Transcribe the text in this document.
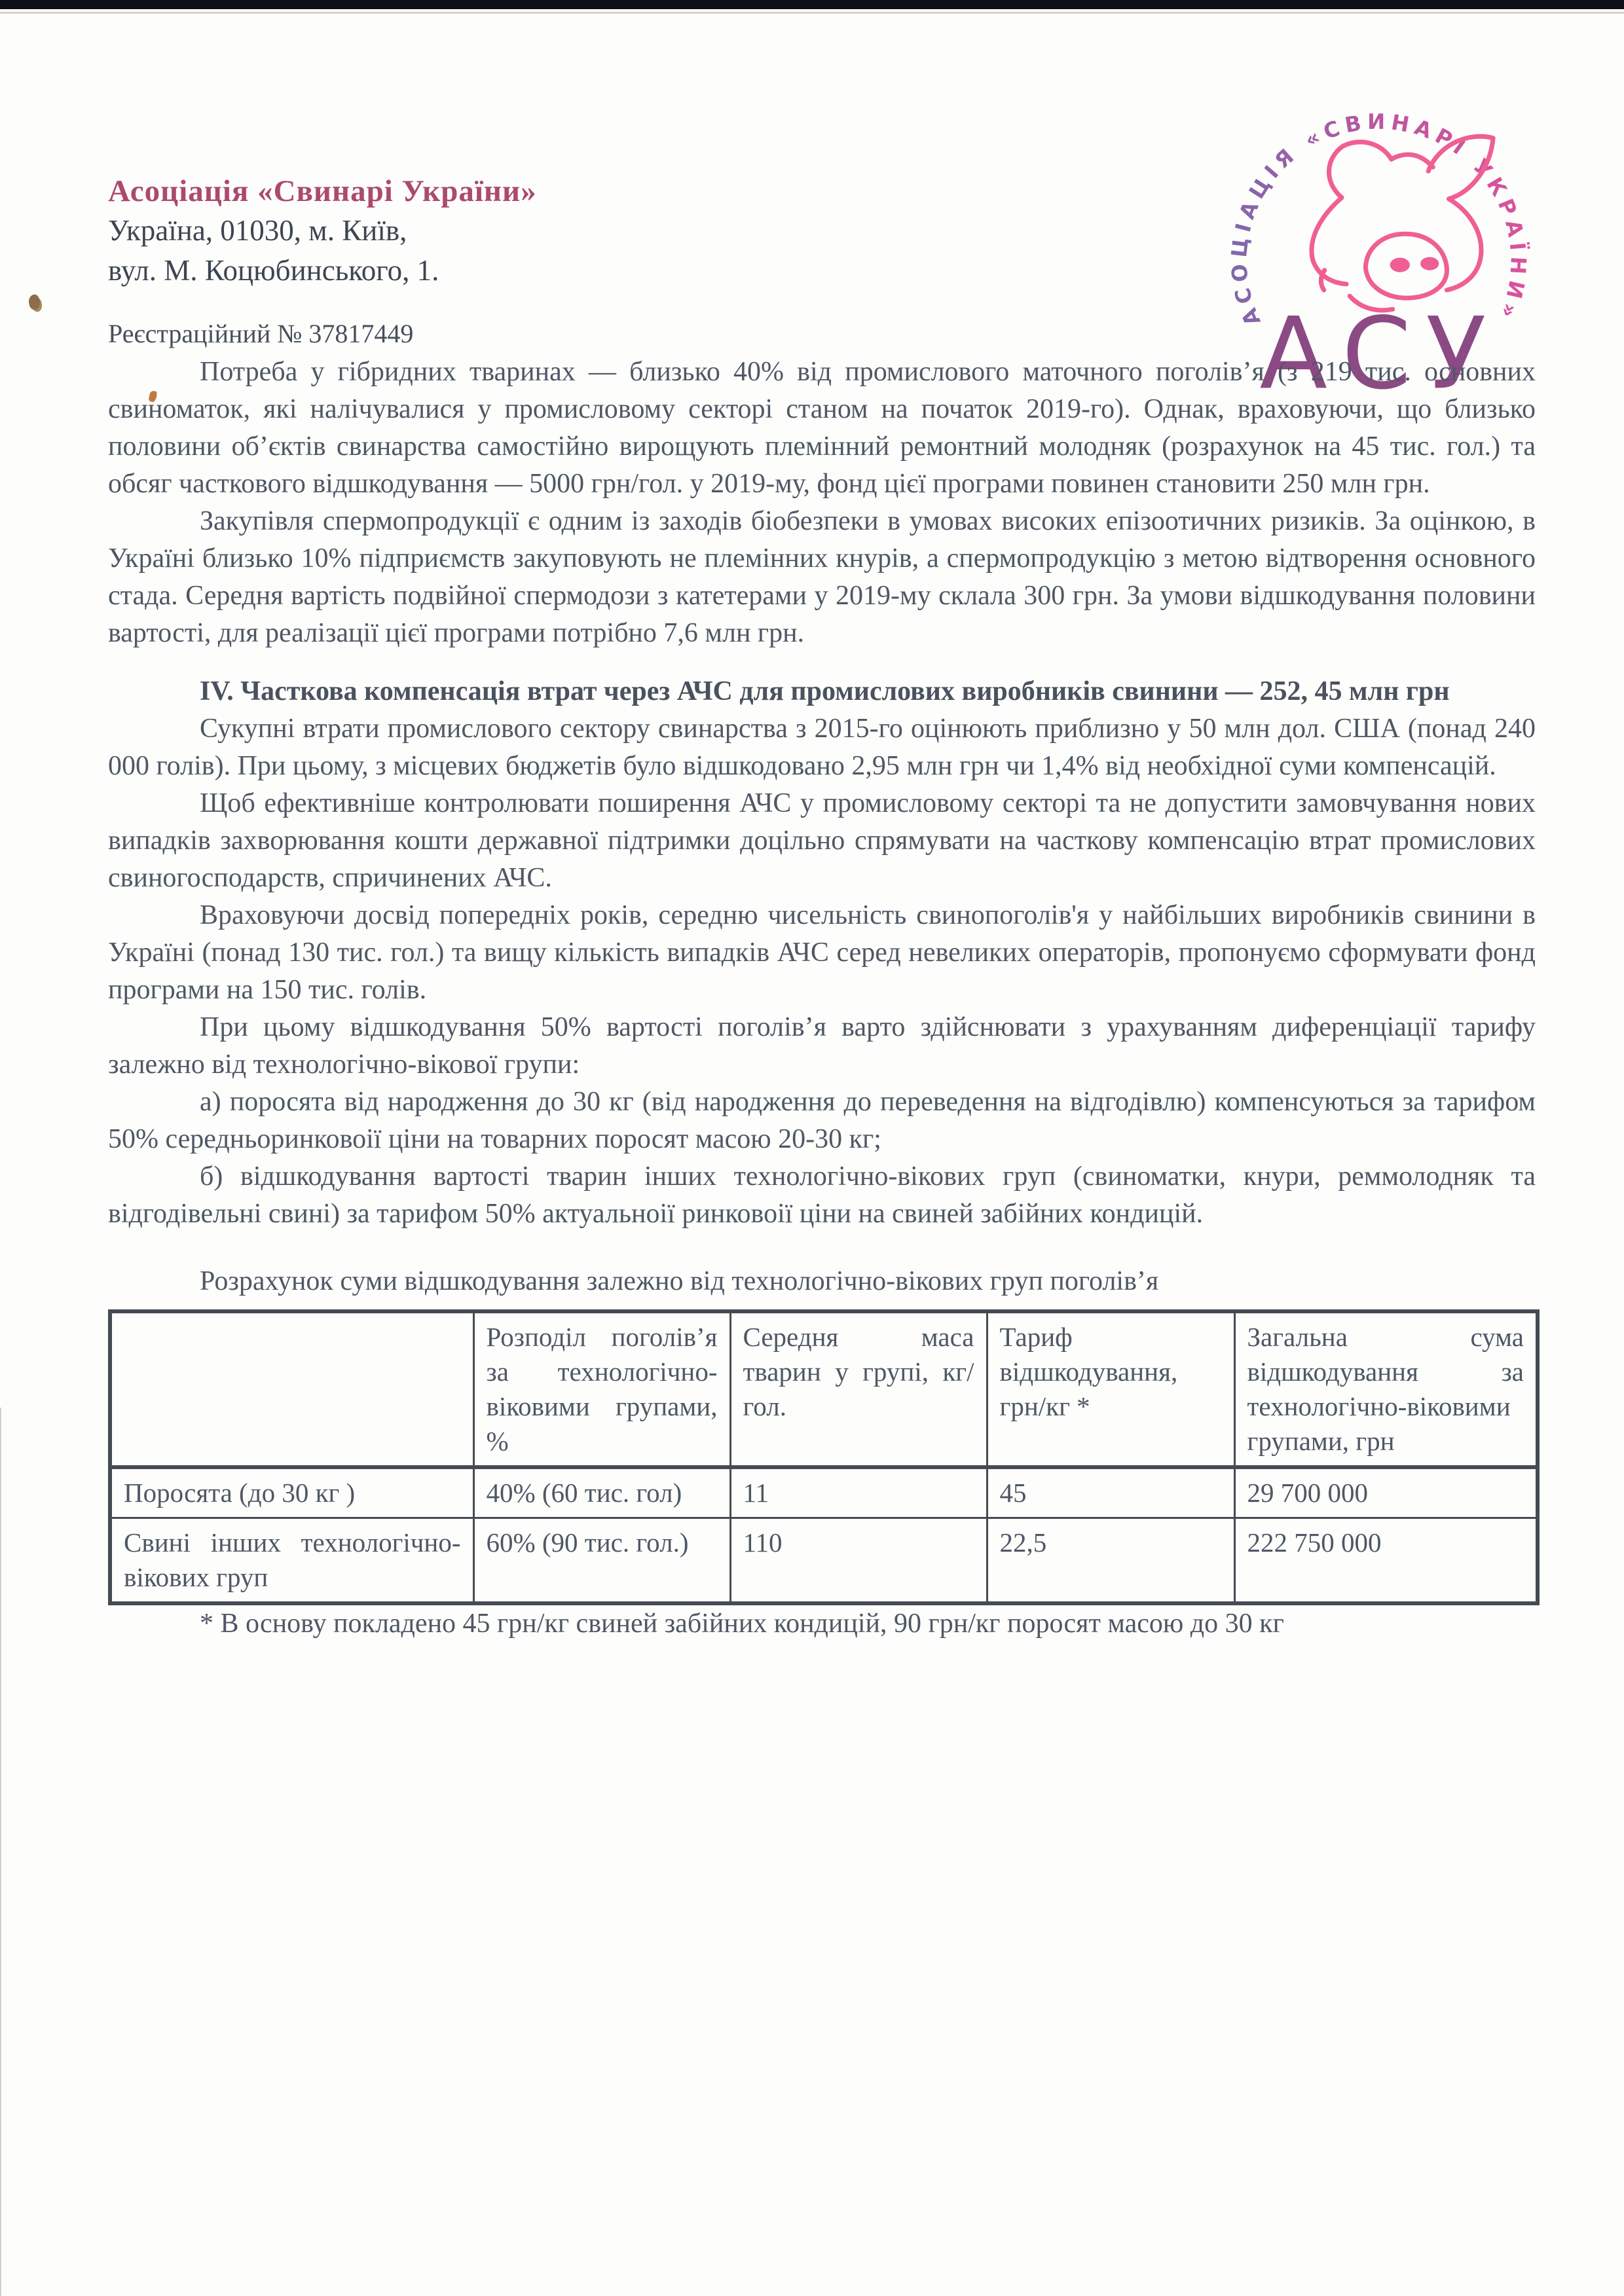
Асоціація «Свинарі України»
Україна, 01030, м. Київ,
вул. М. Коцюбинського, 1.
Реєстраційний № 37817449
АСОЦІАЦІЯ «СВИНАРІ УКРАЇНИ»
АСУ

Потреба у гібридних тваринах — близько 40% від промислового маточного поголів’я (з 219 тис. основних свиноматок, які налічувалися у промисловому секторі станом на початок 2019-го). Однак, враховуючи, що близько половини об’єктів свинарства самостійно вирощують племінний ремонтний молодняк (розрахунок на 45 тис. гол.) та обсяг часткового відшкодування — 5000 грн/гол. у 2019-му, фонд цієї програми повинен становити 250 млн грн.

Закупівля спермопродукції є одним із заходів біобезпеки в умовах високих епізоотичних ризиків. За оцінкою, в Україні близько 10% підприємств закуповують не племінних кнурів, а спермопродукцію з метою відтворення основного стада. Середня вартість подвійної спермодози з катетерами у 2019-му склала 300 грн. За умови відшкодування половини вартості, для реалізації цієї програми потрібно 7,6 млн грн.

IV. Часткова компенсація втрат через АЧС для промислових виробників свинини — 252, 45 млн грн

Сукупні втрати промислового сектору свинарства з 2015-го оцінюють приблизно у 50 млн дол. США (понад 240 000 голів). При цьому, з місцевих бюджетів було відшкодовано 2,95 млн грн чи 1,4% від необхідної суми компенсацій.

Щоб ефективніше контролювати поширення АЧС у промисловому секторі та не допустити замовчування нових випадків захворювання кошти державної підтримки доцільно спрямувати на часткову компенсацію втрат промислових свиногосподарств, спричинених АЧС.

Враховуючи досвід попередніх років, середню чисельність свинопоголів'я у найбільших виробників свинини в Україні (понад 130 тис. гол.) та вищу кількість випадків АЧС серед невеликих операторів, пропонуємо сформувати фонд програми на 150 тис. голів.

При цьому відшкодування 50% вартості поголів’я варто здійснювати з урахуванням диференціації тарифу залежно від технологічно-вікової групи:

а) поросята від народження до 30 кг (від народження до переведення на відгодівлю) компенсуються за тарифом 50% середньоринковоії ціни на товарних поросят масою 20-30 кг;

б) відшкодування вартості тварин інших технологічно-вікових груп (свиноматки, кнури, реммолодняк та відгодівельні свині) за тарифом 50% актуальноії ринковоії ціни на свиней забійних кондицій.

Розрахунок суми відшкодування залежно від технологічно-вікових груп поголів’я

	Розподіл поголів’я за технологічно-віковими групами, %	Середня маса тварин у групі, кг/гол.	Тариф відшкодування, грн/кг *	Загальна сума відшкодування за технологічно-віковими групами, грн
Поросята (до 30 кг )	40% (60 тис. гол)	11	45	29 700 000
Свині інших технологічно-вікових груп	60% (90 тис. гол.)	110	22,5	222 750 000

* В основу покладено 45 грн/кг свиней забійних кондицій, 90 грн/кг поросят масою до 30 кг
